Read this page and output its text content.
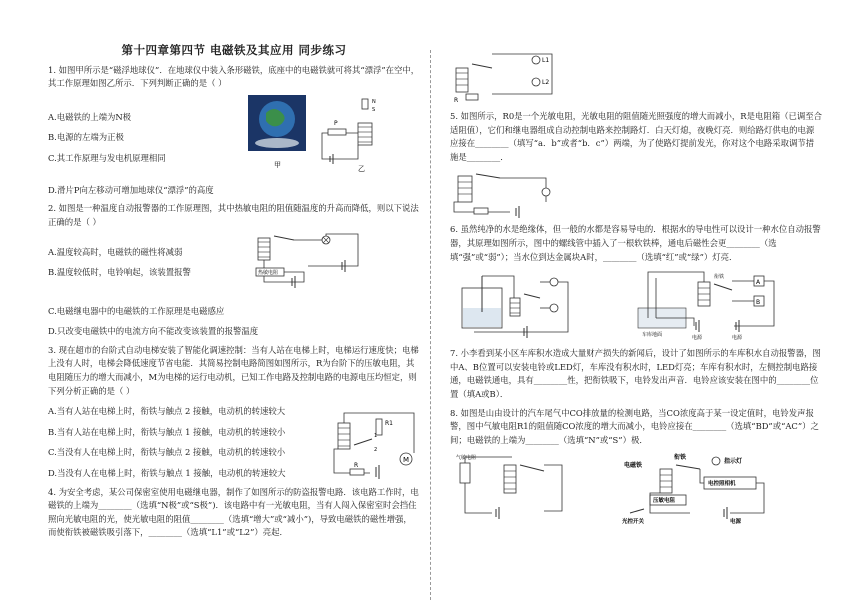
第十四章第四节 电磁铁及其应用 同步练习

1. 如图甲所示是“磁浮地球仪”．在地球仪中装入条形磁铁，底座中的电磁铁就可将其“漂浮”在空中，其工作原理如图乙所示．下列判断正确的是（ ）

A.电磁铁的上端为N极

B.电源的左端为正极

C.其工作原理与发电机原理相同

甲
N
S
P
乙

D.滑片P向左移动可增加地球仪“漂浮”的高度

2. 如图是一种温度自动报警器的工作原理图，其中热敏电阻的阻值随温度的升高而降低，则以下说法正确的是（ ）

A.温度较高时，电磁铁的磁性将减弱

B.温度较低时，电铃响起，该装置报警	热敏电阻

C.电磁继电器中的电磁铁的工作原理是电磁感应

D.只改变电磁铁中的电流方向不能改变该装置的报警温度

3. 现在超市的台阶式自动电梯安装了智能化调速控制：当有人站在电梯上时，电梯运行速度快；电梯上没有人时，电梯会降低速度节省电能．其简易控制电路简图如图所示，R为台阶下的压敏电阻，其电阻随压力的增大而减小，M为电梯的运行电动机，已知工作电路及控制电路的电源电压均恒定，则下列分析正确的是（ ）

A.当有人站在电梯上时，衔铁与触点 2 接触，电动机的转速较大

B.当有人站在电梯上时，衔铁与触点 1 接触，电动机的转速较小

C.当没有人在电梯上时，衔铁与触点 2 接触，电动机的转速较小

D.当没有人在电梯上时，衔铁与触点 1 接触，电动机的转速较大

R1
1
2
M
R

4. 为安全考虑，某公司保密室使用电磁继电器，制作了如图所示的防盗报警电路．该电路工作时，电磁铁的上端为________（选填“N极”或“S极”)．该电路中有一光敏电阻，当有人闯入保密室时会挡住照向光敏电阻的光，使光敏电阻的阻值________（选填“增大”或“减小”)，导致电磁铁的磁性增强，而使衔铁被磁铁吸引落下，________（选填“L1”或“L2”）亮起．

L1
L2
R

5. 如图所示，R0是一个光敏电阻，光敏电阻的阻值随光照强度的增大而减小，R是电阻箱（已调至合适阻值），它们和继电器组成自动控制电路来控制路灯．白天灯熄，夜晚灯亮．则给路灯供电的电源应接在________（填写“a．b”或者“b．c”）两端，为了使路灯提前发光，你对这个电路采取调节措施是________．

6. 虽然纯净的水是绝缘体，但一般的水都是容易导电的．根据水的导电性可以设计一种水位自动报警器，其原理如图所示，图中的螺线管中插入了一根软铁棒，通电后磁性会更________（选填“强”或“弱”）；当水位到达金属块A时，________（选填“红”或“绿”）灯亮．

车库地面
衔铁
A
B
电源	电源

7. 小李看到某小区车库积水造成大量财产损失的新闻后，设计了如图所示的车库积水自动报警器，图中A、B位置可以安装电铃或LED灯，车库没有积水时，LED灯亮；车库有积水时，左侧控制电路接通，电磁铁通电，具有________性，把衔铁吸下，电铃发出声音．电铃应该安装在图中的________位置（填A或B）．

8. 如图是山由设计的汽车尾气中CO排放量的检测电路，当CO浓度高于某一设定值时，电铃发声报警，图中气敏电阻R1的阻值随CO浓度的增大而减小，电铃应接在________（选填“BD”或“AC”）之间；电磁铁的上端为________（选填“N”或“S”）极．

气敏电阻	衔铁
电磁铁
指示灯
压敏电阻
电控照相机
电源
光控开关
